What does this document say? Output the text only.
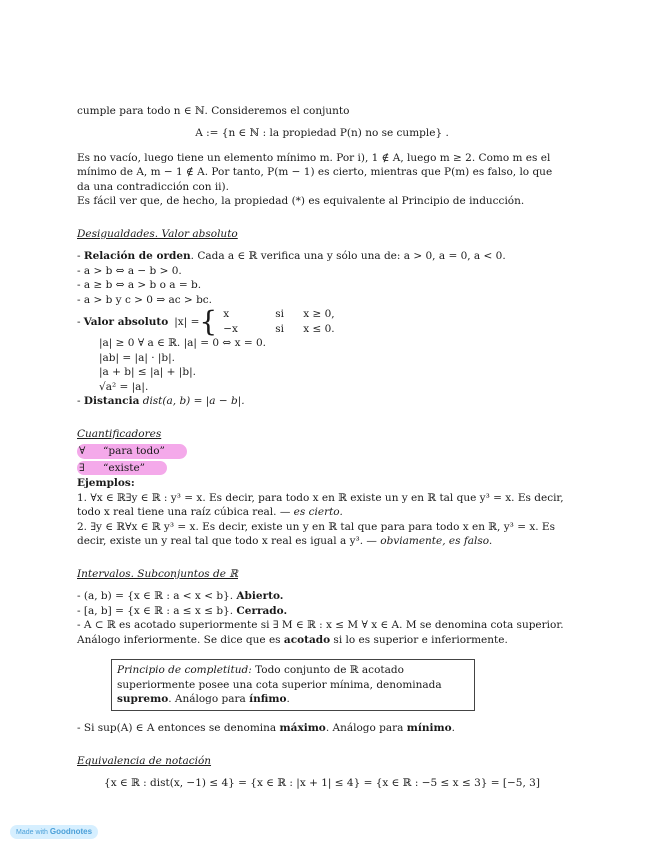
cumple para todo n ∈ ℕ. Consideremos el conjunto

A := {n ∈ ℕ : la propiedad P(n) no se cumple} .

Es no vacío, luego tiene un elemento mínimo m. Por i), 1 ∉ A, luego m ≥ 2. Como m es el mínimo de A, m − 1 ∉ A. Por tanto, P(m − 1) es cierto, mientras que P(m) es falso, lo que da una contradicción con ii).

Es fácil ver que, de hecho, la propiedad (*) es equivalente al Principio de inducción.

Desigualdades. Valor absoluto

- Relación de orden. Cada a ∈ ℝ verifica una y sólo una de: a > 0, a = 0, a < 0.

- a > b ⇔ a − b > 0.

- a ≥ b ⇔ a > b o a = b.

- a > b y c > 0 ⇒ ac > bc.

- Valor absoluto |x| = { x	si	x ≥ 0,
−x	si	x ≤ 0.

|a| ≥ 0 ∀ a ∈ ℝ. |a| = 0 ⇔ x = 0.

|ab| = |a| · |b|.

|a + b| ≤ |a| + |b|.

√a² = |a|.

- Distancia dist(a, b) = |a − b|.

Cuantificadores

∀ “para todo”
∃ “existe”

Ejemplos:

1. ∀x ∈ ℝ∃y ∈ ℝ : y³ = x. Es decir, para todo x en ℝ existe un y en ℝ tal que y³ = x. Es decir, todo x real tiene una raíz cúbica real. — es cierto.

2. ∃y ∈ ℝ∀x ∈ ℝ y³ = x. Es decir, existe un y en ℝ tal que para para todo x en ℝ, y³ = x. Es decir, existe un y real tal que todo x real es igual a y³. — obviamente, es falso.

Intervalos. Subconjuntos de ℝ

- (a, b) = {x ∈ ℝ : a < x < b}. Abierto.

- [a, b] = {x ∈ ℝ : a ≤ x ≤ b}. Cerrado.

- A ⊂ ℝ es acotado superiormente si ∃ M ∈ ℝ : x ≤ M ∀ x ∈ A. M se denomina cota superior. Análogo inferiormente. Se dice que es acotado si lo es superior e inferiormente.

Principio de completitud: Todo conjunto de ℝ acotado superiormente posee una cota superior mínima, denominada supremo. Análogo para ínfimo.

- Si sup(A) ∈ A entonces se denomina máximo. Análogo para mínimo.

Equivalencia de notación

{x ∈ ℝ : dist(x, −1) ≤ 4} = {x ∈ ℝ : |x + 1| ≤ 4} = {x ∈ ℝ : −5 ≤ x ≤ 3} = [−5, 3]

Made with Goodnotes
